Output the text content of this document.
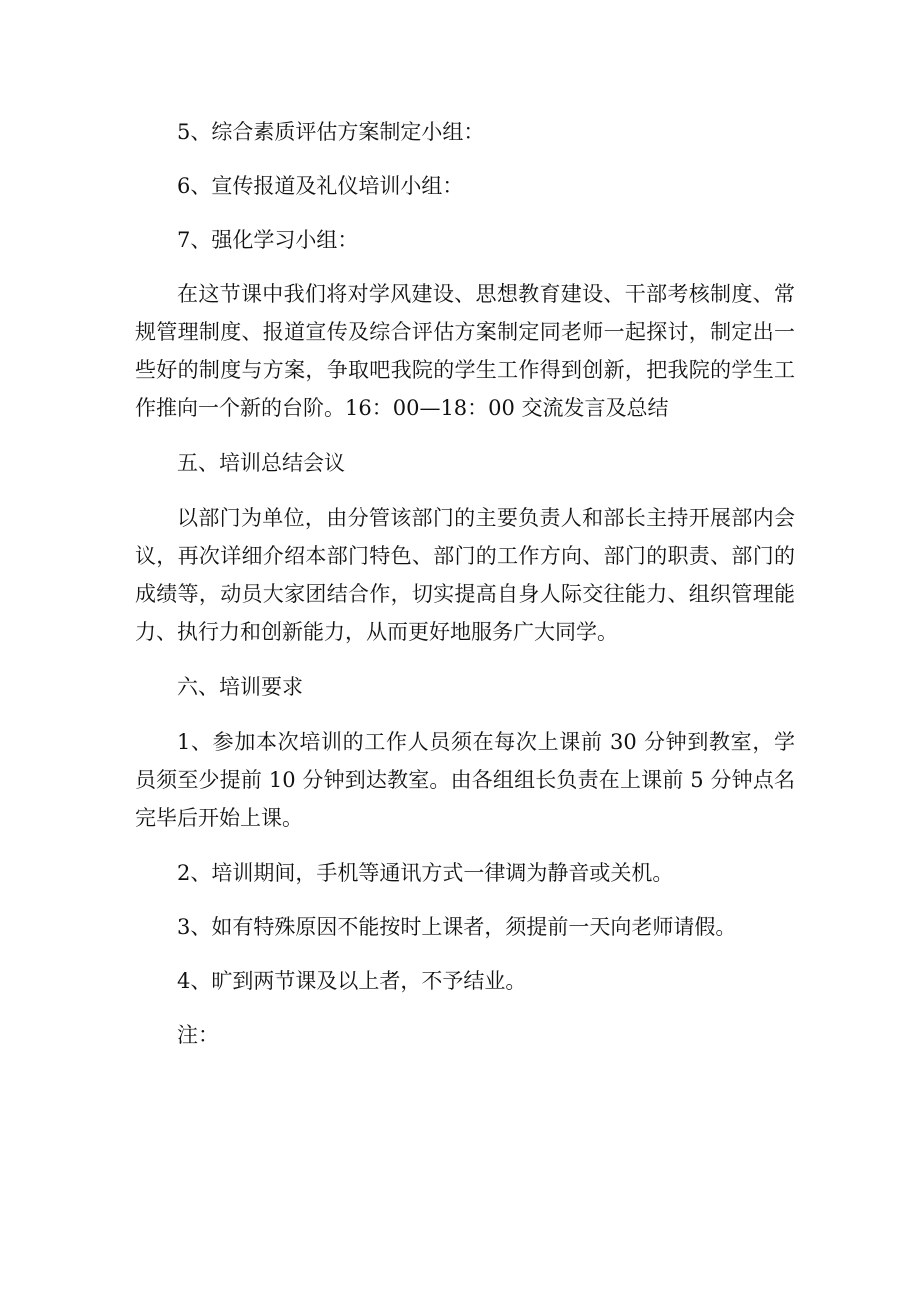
5、综合素质评估方案制定小组：

6、宣传报道及礼仪培训小组：

7、强化学习小组：

在这节课中我们将对学风建设、思想教育建设、干部考核制度、常规管理制度、报道宣传及综合评估方案制定同老师一起探讨，制定出一些好的制度与方案，争取吧我院的学生工作得到创新，把我院的学生工作推向一个新的台阶。16：00—18：00 交流发言及总结

五、培训总结会议

以部门为单位，由分管该部门的主要负责人和部长主持开展部内会议，再次详细介绍本部门特色、部门的工作方向、部门的职责、部门的成绩等，动员大家团结合作，切实提高自身人际交往能力、组织管理能力、执行力和创新能力，从而更好地服务广大同学。

六、培训要求

1、参加本次培训的工作人员须在每次上课前 30 分钟到教室，学员须至少提前 10 分钟到达教室。由各组组长负责在上课前 5 分钟点名完毕后开始上课。

2、培训期间，手机等通讯方式一律调为静音或关机。

3、如有特殊原因不能按时上课者，须提前一天向老师请假。

4、旷到两节课及以上者，不予结业。

注：
